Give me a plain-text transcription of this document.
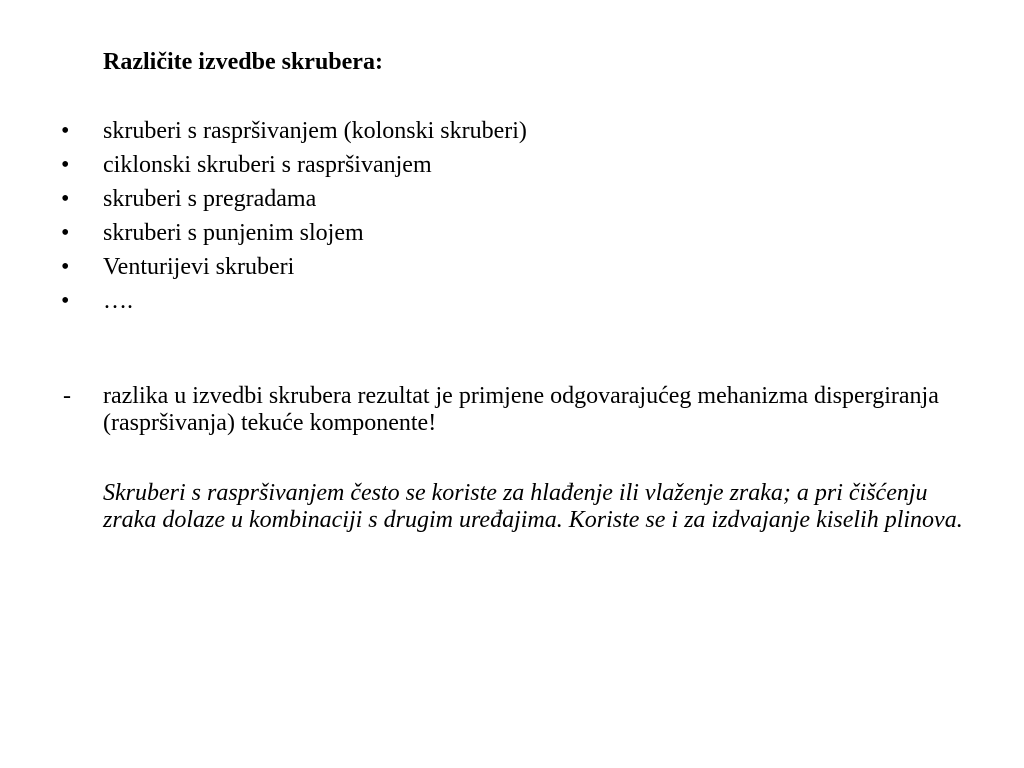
Različite izvedbe skrubera:
• skruberi s raspršivanjem (kolonski skruberi)
• ciklonski skruberi s raspršivanjem
• skruberi s pregradama
• skruberi s punjenim slojem
• Venturijevi skruberi
• ….
- razlika u izvedbi skrubera rezultat je primjene odgovarajućeg mehanizma dispergiranja (raspršivanja) tekuće komponente!
Skruberi s raspršivanjem često se koriste za hlađenje ili vlaženje zraka; a pri čišćenju zraka dolaze u kombinaciji s drugim uređajima. Koriste se i za izdvajanje kiselih plinova.
